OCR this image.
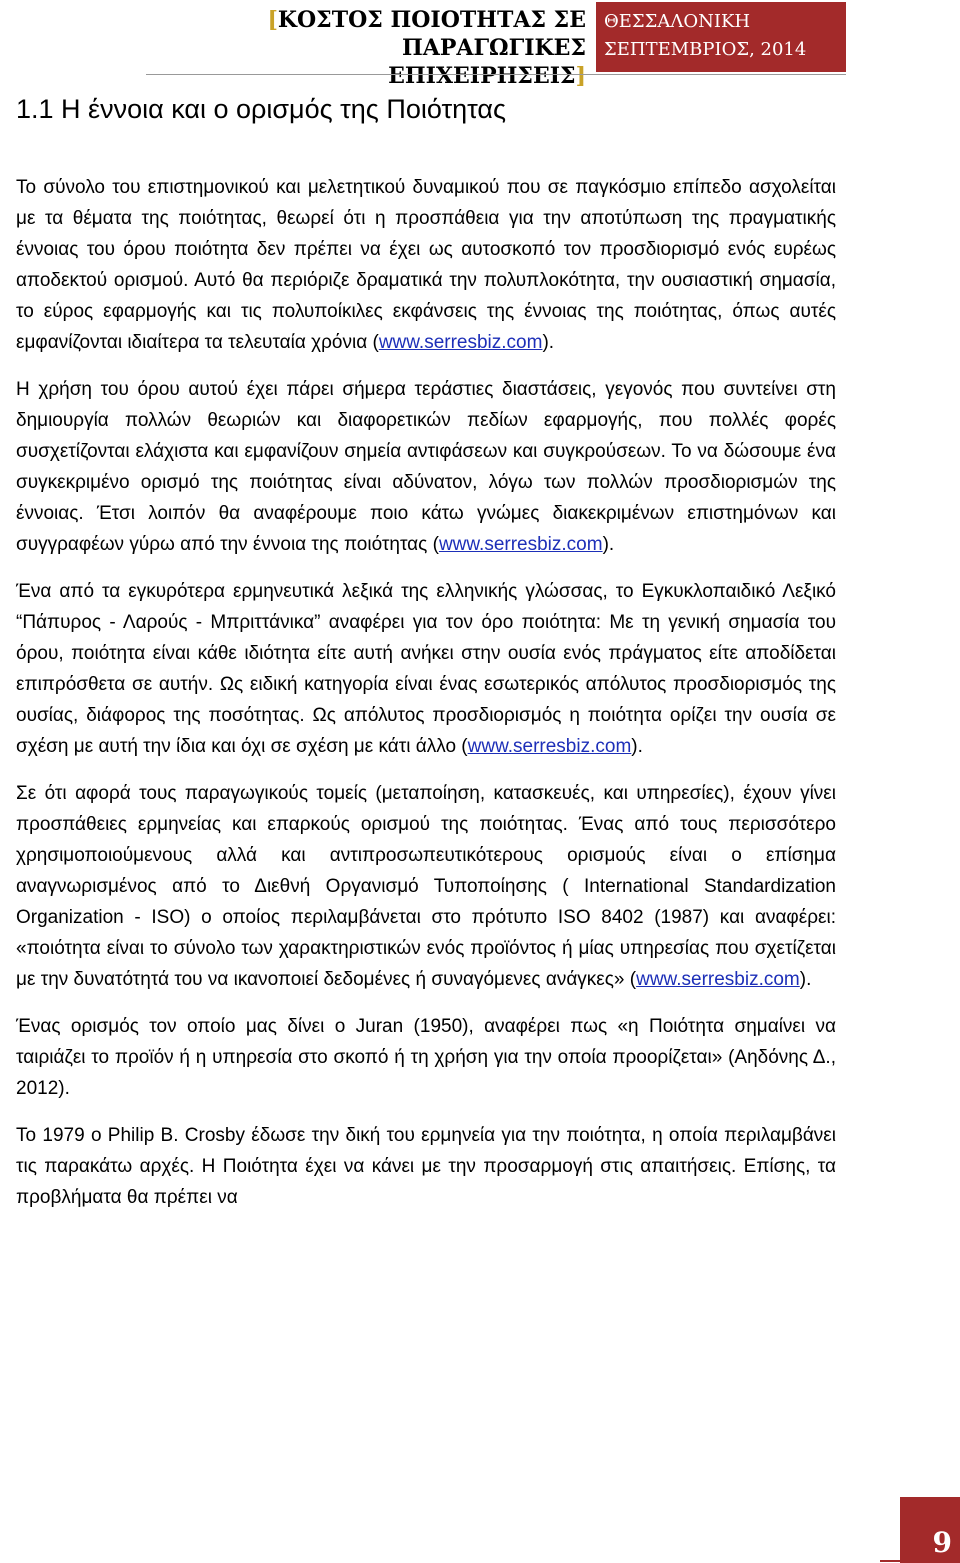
[ΚΟΣΤΟΣ ΠΟΙΟΤΗΤΑΣ ΣΕ ΠΑΡΑΓΩΓΙΚΕΣ
ΕΠΙΧΕΙΡΗΣΕΙΣ]
ΘΕΣΣΑΛΟΝΙΚΗ
ΣΕΠΤΕΜΒΡΙΟΣ, 2014
1.1 Η έννοια και ο ορισμός της Ποιότητας

Το σύνολο του επιστημονικού και μελετητικού δυναμικού που σε παγκόσμιο επίπεδο ασχολείται με τα θέματα της ποιότητας, θεωρεί ότι η προσπάθεια για την αποτύπωση της πραγματικής έννοιας του όρου ποιότητα δεν πρέπει να έχει ως αυτοσκοπό τον προσδιορισμό ενός ευρέως αποδεκτού ορισμού. Αυτό θα περιόριζε δραματικά την πολυπλοκότητα, την ουσιαστική σημασία, το εύρος εφαρμογής και τις πολυποίκιλες εκφάνσεις της έννοιας της ποιότητας, όπως αυτές εμφανίζονται ιδιαίτερα τα τελευταία χρόνια (www.serresbiz.com).

Η χρήση του όρου αυτού έχει πάρει σήμερα τεράστιες διαστάσεις, γεγονός που συντείνει στη δημιουργία πολλών θεωριών και διαφορετικών πεδίων εφαρμογής, που πολλές φορές συσχετίζονται ελάχιστα και εμφανίζουν σημεία αντιφάσεων και συγκρούσεων. Το να δώσουμε ένα συγκεκριμένο ορισμό της ποιότητας είναι αδύνατον, λόγω των πολλών προσδιορισμών της έννοιας. Έτσι λοιπόν θα αναφέρουμε ποιο κάτω γνώμες διακεκριμένων επιστημόνων και συγγραφέων γύρω από την έννοια της ποιότητας (www.serresbiz.com).

Ένα από τα εγκυρότερα ερμηνευτικά λεξικά της ελληνικής γλώσσας, το Εγκυκλοπαιδικό Λεξικό “Πάπυρος - Λαρούς - Μπριττάνικα” αναφέρει για τον όρο ποιότητα: Με τη γενική σημασία του όρου, ποιότητα είναι κάθε ιδιότητα είτε αυτή ανήκει στην ουσία ενός πράγματος είτε αποδίδεται επιπρόσθετα σε αυτήν. Ως ειδική κατηγορία είναι ένας εσωτερικός απόλυτος προσδιορισμός της ουσίας, διάφορος της ποσότητας. Ως απόλυτος προσδιορισμός η ποιότητα ορίζει την ουσία σε σχέση με αυτή την ίδια και όχι σε σχέση με κάτι άλλο (www.serresbiz.com).

Σε ότι αφορά τους παραγωγικούς τομείς (μεταποίηση, κατασκευές, και υπηρεσίες), έχουν γίνει προσπάθειες ερμηνείας και επαρκούς ορισμού της ποιότητας. Ένας από τους περισσότερο χρησιμοποιούμενους αλλά και αντιπροσωπευτικότερους ορισμούς είναι ο επίσημα αναγνωρισμένος από το Διεθνή Οργανισμό Τυποποίησης ( International Standardization Organization - ISO) ο οποίος περιλαμβάνεται στο πρότυπο ISO 8402 (1987) και αναφέρει: «ποιότητα είναι το σύνολο των χαρακτηριστικών ενός προϊόντος ή μίας υπηρεσίας που σχετίζεται με την δυνατότητά του να ικανοποιεί δεδομένες ή συναγόμενες ανάγκες» (www.serresbiz.com).

Ένας ορισμός τον οποίο μας δίνει ο Juran (1950), αναφέρει πως «η Ποιότητα σημαίνει να ταιριάζει το προϊόν ή η υπηρεσία στο σκοπό ή τη χρήση για την οποία προορίζεται» (Αηδόνης Δ., 2012).

Το 1979 ο Philip B. Crosby έδωσε την δική του ερμηνεία για την ποιότητα, η οποία περιλαμβάνει τις παρακάτω αρχές. Η Ποιότητα έχει να κάνει με την προσαρμογή στις απαιτήσεις. Επίσης, τα προβλήματα θα πρέπει να

9
